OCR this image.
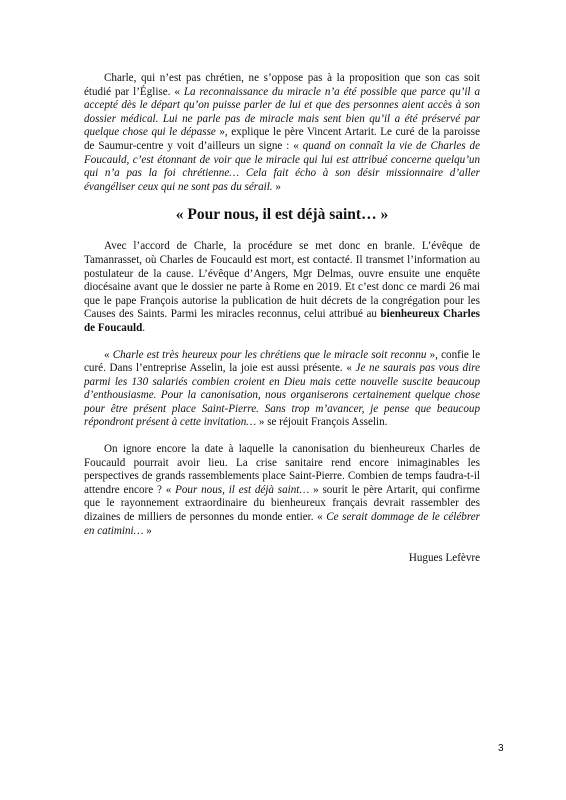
Charle, qui n’est pas chrétien, ne s’oppose pas à la proposition que son cas soit étudié par l’Église. « La reconnaissance du miracle n’a été possible que parce qu’il a accepté dès le départ qu’on puisse parler de lui et que des personnes aient accès à son dossier médical. Lui ne parle pas de miracle mais sent bien qu’il a été préservé par quelque chose qui le dépasse », explique le père Vincent Artarit. Le curé de la paroisse de Saumur-centre y voit d’ailleurs un signe : « quand on connaît la vie de Charles de Foucauld, c’est étonnant de voir que le miracle qui lui est attribué concerne quelqu’un qui n’a pas la foi chrétienne… Cela fait écho à son désir missionnaire d’aller évangéliser ceux qui ne sont pas du sérail. »

« Pour nous, il est déjà saint… »

Avec l’accord de Charle, la procédure se met donc en branle. L’évêque de Tamanrasset, où Charles de Foucauld est mort, est contacté. Il transmet l’information au postulateur de la cause. L’évêque d’Angers, Mgr Delmas, ouvre ensuite une enquête diocésaine avant que le dossier ne parte à Rome en 2019. Et c’est donc ce mardi 26 mai que le pape François autorise la publication de huit décrets de la congrégation pour les Causes des Saints. Parmi les miracles reconnus, celui attribué au bienheureux Charles de Foucauld.

« Charle est très heureux pour les chrétiens que le miracle soit reconnu », confie le curé. Dans l’entreprise Asselin, la joie est aussi présente. « Je ne saurais pas vous dire parmi les 130 salariés combien croient en Dieu mais cette nouvelle suscite beaucoup d’enthousiasme. Pour la canonisation, nous organiserons certainement quelque chose pour être présent place Saint-Pierre. Sans trop m’avancer, je pense que beaucoup répondront présent à cette invitation… » se réjouit François Asselin.

On ignore encore la date à laquelle la canonisation du bienheureux Charles de Foucauld pourrait avoir lieu. La crise sanitaire rend encore inimaginables les perspectives de grands rassemblements place Saint-Pierre. Combien de temps faudra-t-il attendre encore ? « Pour nous, il est déjà saint… » sourit le père Artarit, qui confirme que le rayonnement extraordinaire du bienheureux français devrait rassembler des dizaines de milliers de personnes du monde entier. « Ce serait dommage de le célébrer en catimini… »

Hugues Lefèvre

3
